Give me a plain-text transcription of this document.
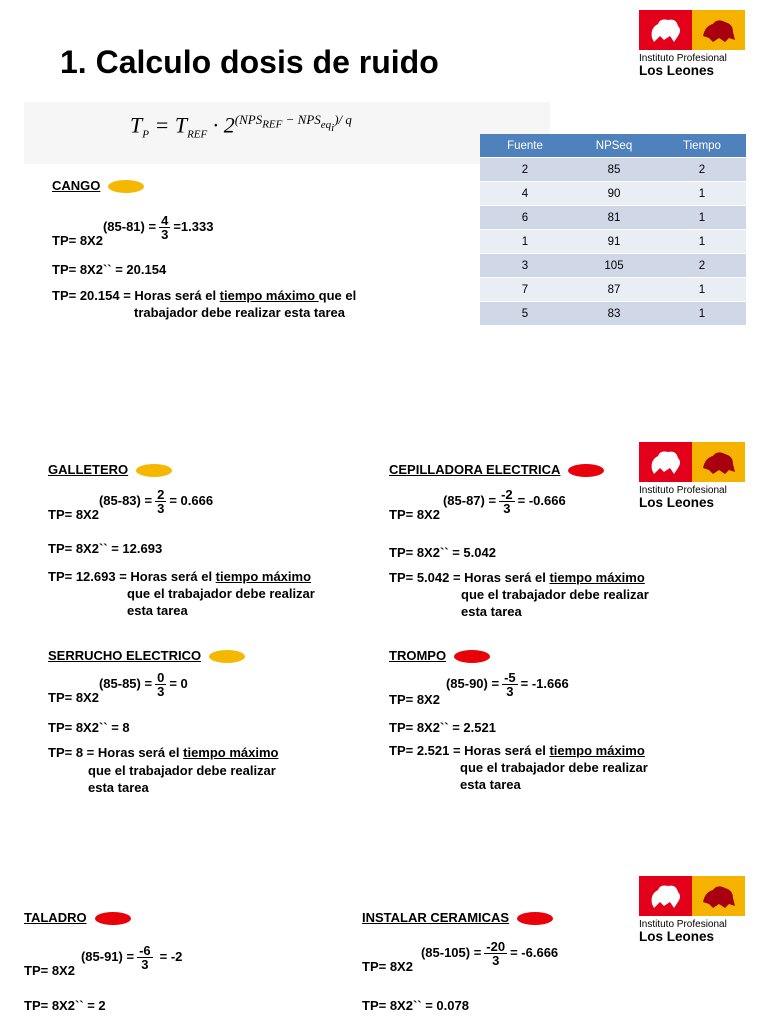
1. Calculo dosis de ruido	Instituto Profesional
Los Leones
Instituto Profesional
Los Leones
Instituto Profesional
Los Leones
$T_P = T_{REF} \cdot 2^{(NPS_{REF} - NPS_{eq_i})/ q}$
Fuente	NPSeq	Tiempo
2	85	2
4	90	1
6	81	1
1	91	1
3	105	2
7	87	1
5	83	1
CANGO
$TP= 8X2(85-81) = \frac{4}{3} =1.333$
TP= 8X2`` = 20.154
TP= 20.154 = Horas será el tiempo máximo que el
trabajador debe realizar esta tarea
GALLETERO
$TP= 8X2(85-83) = \frac{2}{3} = 0.666$
TP= 8X2`` = 12.693
TP= 12.693 = Horas será el tiempo máximo
que el trabajador debe realizar
esta tarea
CEPILLADORA ELECTRICA
$TP= 8X2(85-87) = \frac{-2}{3} = -0.666$
TP= 8X2`` = 5.042
TP= 5.042 = Horas será el tiempo máximo
que el trabajador debe realizar
esta tarea
SERRUCHO ELECTRICO
$TP= 8X2(85-85) = \frac{0}{3} = 0$
TP= 8X2`` = 8
TP= 8 = Horas será el tiempo máximo
que el trabajador debe realizar
esta tarea
TROMPO
$TP= 8X2(85-90) = \frac{-5}{3} = -1.666$
TP= 8X2`` = 2.521
TP= 2.521 = Horas será el tiempo máximo
que el trabajador debe realizar
esta tarea
TALADRO
$TP= 8X2(85-91) = \frac{-6}{3} = -2$
TP= 8X2`` = 2
INSTALAR CERAMICAS
$TP= 8X2(85-105) = \frac{-20}{3} = -6.666$
TP= 8X2`` = 0.078
